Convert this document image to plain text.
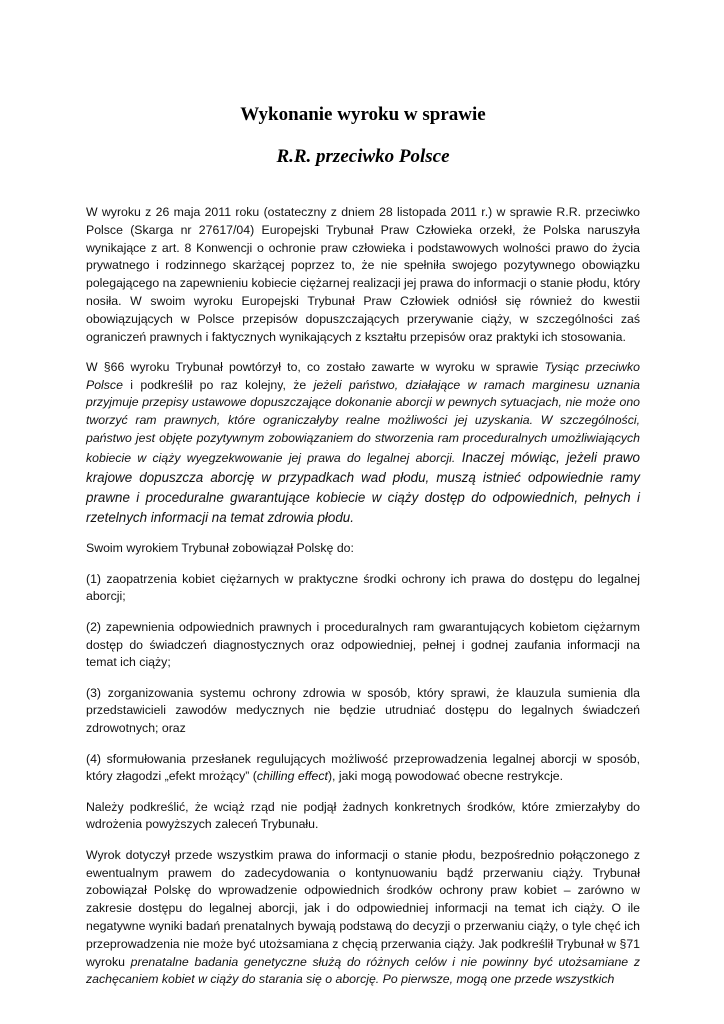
Wykonanie wyroku w sprawie
R.R. przeciwko Polsce

W wyroku z 26 maja 2011 roku (ostateczny z dniem 28 listopada 2011 r.) w sprawie R.R. przeciwko Polsce (Skarga nr 27617/04) Europejski Trybunał Praw Człowieka orzekł, że Polska naruszyła wynikające z art. 8 Konwencji o ochronie praw człowieka i podstawowych wolności prawo do życia prywatnego i rodzinnego skarżącej poprzez to, że nie spełniła swojego pozytywnego obowiązku polegającego na zapewnieniu kobiecie ciężarnej realizacji jej prawa do informacji o stanie płodu, który nosiła. W swoim wyroku Europejski Trybunał Praw Człowiek odniósł się również do kwestii obowiązujących w Polsce przepisów dopuszczających przerywanie ciąży, w szczególności zaś ograniczeń prawnych i faktycznych wynikających z kształtu przepisów oraz praktyki ich stosowania.

W §66 wyroku Trybunał powtórzył to, co zostało zawarte w wyroku w sprawie Tysiąc przeciwko Polsce i podkreślił po raz kolejny, że jeżeli państwo, działające w ramach marginesu uznania przyjmuje przepisy ustawowe dopuszczające dokonanie aborcji w pewnych sytuacjach, nie może ono tworzyć ram prawnych, które ograniczałyby realne możliwości jej uzyskania. W szczególności, państwo jest objęte pozytywnym zobowiązaniem do stworzenia ram proceduralnych umożliwiających kobiecie w ciąży wyegzekwowanie jej prawa do legalnej aborcji. Inaczej mówiąc, jeżeli prawo krajowe dopuszcza aborcję w przypadkach wad płodu, muszą istnieć odpowiednie ramy prawne i proceduralne gwarantujące kobiecie w ciąży dostęp do odpowiednich, pełnych i rzetelnych informacji na temat zdrowia płodu.

Swoim wyrokiem Trybunał zobowiązał Polskę do:

(1) zaopatrzenia kobiet ciężarnych w praktyczne środki ochrony ich prawa do dostępu do legalnej aborcji;

(2) zapewnienia odpowiednich prawnych i proceduralnych ram gwarantujących kobietom ciężarnym dostęp do świadczeń diagnostycznych oraz odpowiedniej, pełnej i godnej zaufania informacji na temat ich ciąży;

(3) zorganizowania systemu ochrony zdrowia w sposób, który sprawi, że klauzula sumienia dla przedstawicieli zawodów medycznych nie będzie utrudniać dostępu do legalnych świadczeń zdrowotnych; oraz

(4) sformułowania przesłanek regulujących możliwość przeprowadzenia legalnej aborcji w sposób, który złagodzi „efekt mrożący” (chilling effect), jaki mogą powodować obecne restrykcje.

Należy podkreślić, że wciąż rząd nie podjął żadnych konkretnych środków, które zmierzałyby do wdrożenia powyższych zaleceń Trybunału.

Wyrok dotyczył przede wszystkim prawa do informacji o stanie płodu, bezpośrednio połączonego z ewentualnym prawem do zadecydowania o kontynuowaniu bądź przerwaniu ciąży. Trybunał zobowiązał Polskę do wprowadzenie odpowiednich środków ochrony praw kobiet – zarówno w zakresie dostępu do legalnej aborcji, jak i do odpowiedniej informacji na temat ich ciąży. O ile negatywne wyniki badań prenatalnych bywają podstawą do decyzji o przerwaniu ciąży, o tyle chęć ich przeprowadzenia nie może być utożsamiana z chęcią przerwania ciąży. Jak podkreślił Trybunał w §71 wyroku prenatalne badania genetyczne służą do różnych celów i nie powinny być utożsamiane z zachęcaniem kobiet w ciąży do starania się o aborcję. Po pierwsze, mogą one przede wszystkich
